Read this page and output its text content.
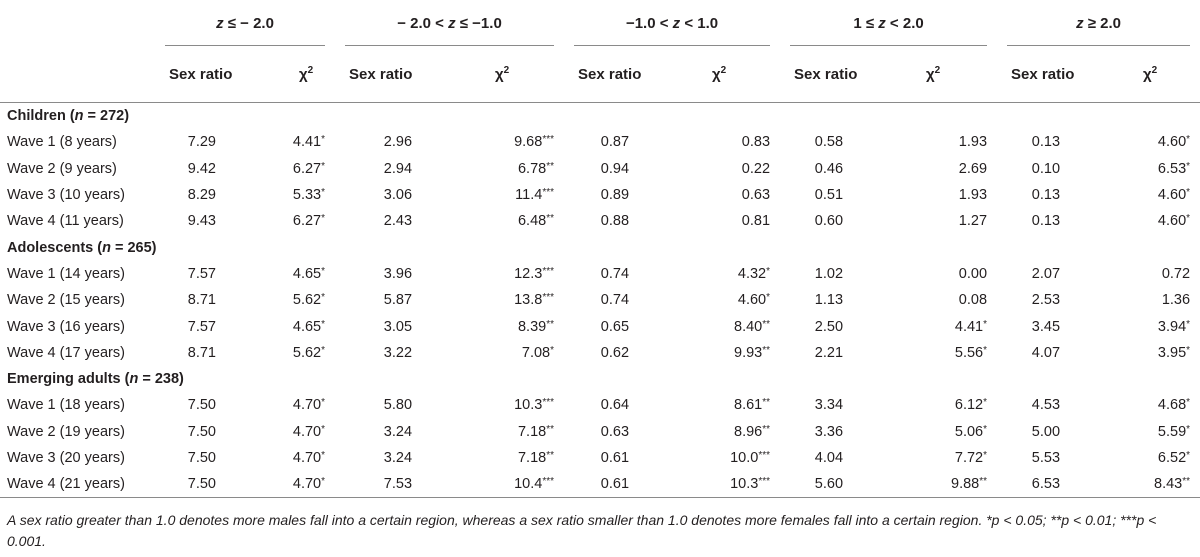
	z ≤ − 2.0		− 2.0 < z ≤ −1.0		−1.0 < z < 1.0		1 ≤ z < 2.0		z ≥ 2.0	
	Sex ratio	$\chi^2$	Sex ratio	$\chi^2$	Sex ratio	$\chi^2$	Sex ratio	$\chi^2$	Sex ratio	$\chi^2$
Children (n = 272)										
Wave 1 (8 years)	7.29	4.41*	2.96	9.68***	0.87	0.83	0.58	1.93	0.13	4.60*
Wave 2 (9 years)	9.42	6.27*	2.94	6.78**	0.94	0.22	0.46	2.69	0.10	6.53*
Wave 3 (10 years)	8.29	5.33*	3.06	11.4***	0.89	0.63	0.51	1.93	0.13	4.60*
Wave 4 (11 years)	9.43	6.27*	2.43	6.48**	0.88	0.81	0.60	1.27	0.13	4.60*
Adolescents (n = 265)										
Wave 1 (14 years)	7.57	4.65*	3.96	12.3***	0.74	4.32*	1.02	0.00	2.07	0.72
Wave 2 (15 years)	8.71	5.62*	5.87	13.8***	0.74	4.60*	1.13	0.08	2.53	1.36
Wave 3 (16 years)	7.57	4.65*	3.05	8.39**	0.65	8.40**	2.50	4.41*	3.45	3.94*
Wave 4 (17 years)	8.71	5.62*	3.22	7.08*	0.62	9.93**	2.21	5.56*	4.07	3.95*
Emerging adults (n = 238)										
Wave 1 (18 years)	7.50	4.70*	5.80	10.3***	0.64	8.61**	3.34	6.12*	4.53	4.68*
Wave 2 (19 years)	7.50	4.70*	3.24	7.18**	0.63	8.96**	3.36	5.06*	5.00	5.59*
Wave 3 (20 years)	7.50	4.70*	3.24	7.18**	0.61	10.0***	4.04	7.72*	5.53	6.52*
Wave 4 (21 years)	7.50	4.70*	7.53	10.4***	0.61	10.3***	5.60	9.88**	6.53	8.43**
A sex ratio greater than 1.0 denotes more males fall into a certain region, whereas a sex ratio smaller than 1.0 denotes more females fall into a certain region. *p < 0.05; **p < 0.01; ***p < 0.001.
